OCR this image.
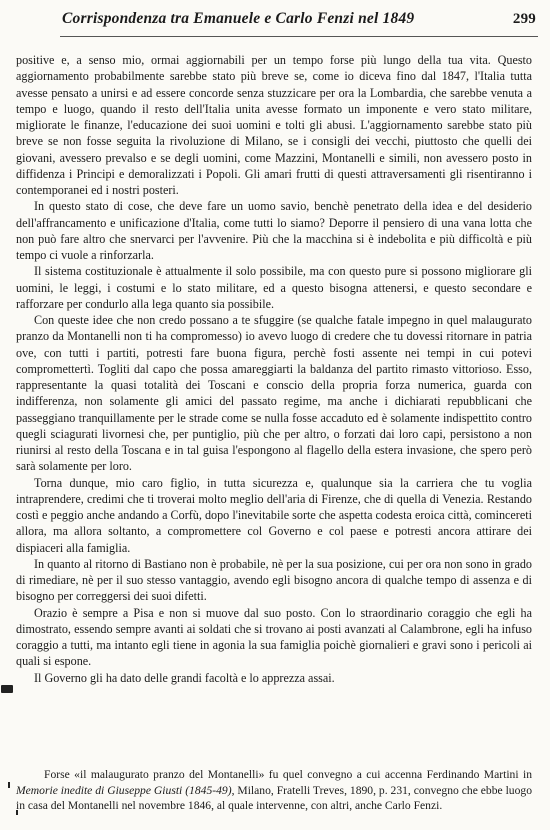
Corrispondenza tra Emanuele e Carlo Fenzi nel 1849	299

positive e, a senso mio, ormai aggiornabili per un tempo forse più lungo della tua vita. Questo aggiornamento probabilmente sarebbe stato più breve se, come io diceva fino dal 1847, l'Italia tutta avesse pensato a unirsi e ad essere concorde senza stuzzicare per ora la Lombardia, che sarebbe venuta a tempo e luogo, quando il resto dell'Italia unita avesse formato un imponente e vero stato militare, migliorate le finanze, l'educazione dei suoi uomini e tolti gli abusi. L'aggiornamento sarebbe stato più breve se non fosse seguita la rivoluzione di Milano, se i consigli dei vecchi, piuttosto che quelli dei giovani, avessero prevalso e se degli uomini, come Mazzini, Montanelli e simili, non avessero posto in diffidenza i Principi e demoralizzati i Popoli. Gli amari frutti di questi attraversamenti gli risentiranno i contemporanei ed i nostri posteri.

In questo stato di cose, che deve fare un uomo savio, benchè penetrato della idea e del desiderio dell'affrancamento e unificazione d'Italia, come tutti lo siamo? Deporre il pensiero di una vana lotta che non può fare altro che snervarci per l'avvenire. Più che la macchina si è indebolita e più difficoltà e più tempo ci vuole a rinforzarla.

Il sistema costituzionale è attualmente il solo possibile, ma con questo pure si possono migliorare gli uomini, le leggi, i costumi e lo stato militare, ed a questo bisogna attenersi, e questo secondare e rafforzare per condurlo alla lega quanto sia possibile.

Con queste idee che non credo possano a te sfuggire (se qualche fatale impegno in quel malaugurato pranzo da Montanelli non ti ha compromesso) io avevo luogo di credere che tu dovessi ritornare in patria ove, con tutti i partiti, potresti fare buona figura, perchè fosti assente nei tempi in cui potevi compromettertì. Togliti dal capo che possa amareggiarti la baldanza del partito rimasto vittorioso. Esso, rappresentante la quasi totalità dei Toscani e conscio della propria forza numerica, guarda con indifferenza, non solamente gli amici del passato regime, ma anche i dichiarati repubblicani che passeggiano tranquillamente per le strade come se nulla fosse accaduto ed è solamente indispettito contro quegli sciagurati livornesi che, per puntiglio, più che per altro, o forzati dai loro capi, persistono a non riunirsi al resto della Toscana e in tal guisa l'espongono al flagello della estera invasione, che spero però sarà solamente per loro.

Torna dunque, mio caro figlio, in tutta sicurezza e, qualunque sia la carriera che tu voglia intraprendere, credimi che ti troverai molto meglio dell'aria di Firenze, che di quella di Venezia. Restando costì e peggio anche andando a Corfù, dopo l'inevitabile sorte che aspetta codesta eroica città, comincereti allora, ma allora soltanto, a compromettere col Governo e col paese e potresti ancora attirare dei dispiaceri alla famiglia.

In quanto al ritorno di Bastiano non è probabile, nè per la sua posizione, cui per ora non sono in grado di rimediare, nè per il suo stesso vantaggio, avendo egli bisogno ancora di qualche tempo di assenza e di bisogno per correggersi dei suoi difetti.

Orazio è sempre a Pisa e non si muove dal suo posto. Con lo straordinario coraggio che egli ha dimostrato, essendo sempre avanti ai soldati che si trovano ai posti avanzati al Calambrone, egli ha infuso coraggio a tutti, ma intanto egli tiene in agonia la sua famiglia poichè giornalieri e gravi sono i pericoli ai quali si espone.

Il Governo gli ha dato delle grandi facoltà e lo apprezza assai.

Forse «il malaugurato pranzo del Montanelli» fu quel convegno a cui accenna Ferdinando Martini in Memorie inedite di Giuseppe Giusti (1845-49), Milano, Fratelli Treves, 1890, p. 231, convegno che ebbe luogo in casa del Montanelli nel novembre 1846, al quale intervenne, con altri, anche Carlo Fenzi.
